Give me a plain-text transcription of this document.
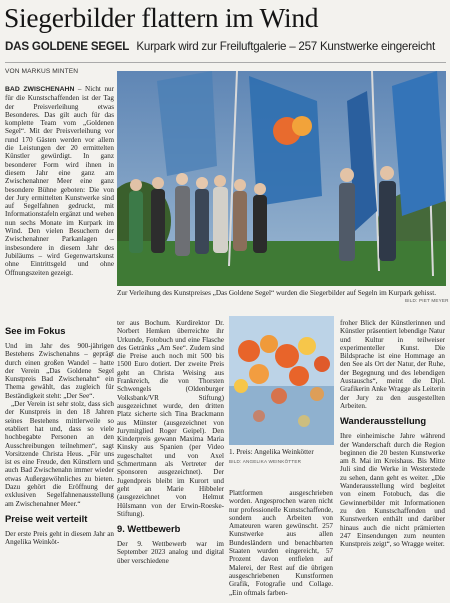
Siegerbilder flattern im Wind
DAS GOLDENE SEGEL Kurpark wird zur Freiluftgalerie – 257 Kunstwerke eingereicht
VON MARKUS MINTEN

BAD ZWISCHENAHN – Nicht nur für die Kunstschaffenden ist der Tag der Preisverleihung etwas Besonderes. Das gilt auch für das komplette Team vom „Goldenen Segel“. Mit der Preisverleihung vor rund 170 Gästen werden vor allem die Leistungen der 20 ermittelten Künstler gewürdigt. In ganz besonderer Form wird ihnen in diesem Jahr eine ganz am Zwischenahner Meer eine ganz besondere Bühne geboten: Die von der Jury ermittelten Kunstwerke sind auf Segelfahnen gedruckt, mit Informationstafeln ergänzt und wehen nun sechs Monate im Kurpark im Wind. Den vielen Besuchern der Zwischenahner Parkanlagen – insbesondere in diesem Jahr des Jubiläums – wird Gegenwartskunst ohne Eintrittsgeld und ohne Öffnungszeiten gezeigt.

Zur Verleihung des Kunstpreises „Das Goldene Segel“ wurden die Siegerbilder auf Segeln im Kurpark gehisst.
BILD: PIET MEYER
See im Fokus

Und im Jahr des 900-jährigen Bestehens Zwischenahns – geprägt durch einen großen Wandel – hatte der Verein „Das Goldene Segel Kunstpreis Bad Zwischenahn“ ein Thema gewählt, das zugleich für Beständigkeit steht: „Der See“.

„Der Verein ist sehr stolz, dass sich der Kunstpreis in den 18 Jahren seines Bestehens mittlerweile so etabliert hat und, dass so viele hochbegabte Personen an den Ausschreibungen teilnehmen“, sagt Vorsitzende Christa Heus. „Für uns ist es eine Freude, den Künstlern und auch Bad Zwischenahn immer wieder etwas Außergewöhnliches zu bieten. Dazu gehört die Eröffnung der exklusiven Segelfahnenausstellung am Zwischenahner Meer.“

Preise weit verteilt

Der erste Preis geht in diesem Jahr an Angelika Weinköt-

ter aus Bochum. Kurdirektor Dr. Norbert Hemken überreichte ihr Urkunde, Fotobuch und eine Flasche des Getränks „Am See“. Zudem sind die Preise auch noch mit 500 bis 1500 Euro dotiert. Der zweite Preis geht an Christa Weising aus Frankreich, die von Thorsten Schwengels (Oldenburger Volksbank/VR Stiftung) ausgezeichnet wurde, den dritten Platz sicherte sich Tina Brackmann aus Münster (ausgezeichnet von Jurymitglied Roger Geipel). Den Kinderpreis gewann Maxima Maria Kinsky aus Spanien (per Video zugeschaltet und von Axel Schmertmann als Vertreter der Sponsoren ausgezeichnet). Der Jugendpreis bleibt im Kurort und geht an Marie Hibbeler (ausgezeichnet von Helmut Hülsmann von der Erwin-Roeske-Stiftung).

9. Wettbewerb

Der 9. Wettbewerb war im September 2023 analog und digital über verschiedene

1. Preis: Angelika Weinkötter
BILD: ANGELIKA WEINKÖTTER

Plattformen ausgeschrieben worden. Angesprochen waren nicht nur professionelle Kunstschaffende, sondern auch Arbeiten von Amateuren waren gewünscht. 257 Kunstwerke aus allen Bundesländern und benachbarten Staaten wurden eingereicht, 57 Prozent davon entfielen auf Malerei, der Rest auf die übrigen ausgeschriebenen Kunstformen Grafik, Fotografie und Collage. „Ein oftmals farben-

froher Blick der Künstlerinnen und Künstler präsentiert lebendige Natur und Kultur in teilweiser experimenteller Kunst. Die Bildsprache ist eine Hommage an den See als Ort der Natur, der Ruhe, der Begegnung und des lebendigen Austauschs“, meint die Dipl. Grafikerin Anke Wragge als Leiterin der Jury zu den ausgestellten Arbeiten.

Wanderausstellung

Ihre einheimische Jahre während der Wanderschaft durch die Region beginnen die 20 besten Kunstwerke am 8. Mai im Kreishaus. Bis Mitte Juli sind die Werke in Westerstede zu sehen, dann geht es weiter. „Die Wanderausstellung wird begleitet von einem Fotobuch, das die Gewinnerbilder mit Informationen zu den Kunstschaffenden und Kunstwerken enthält und darüber hinaus auch die nicht prämierten 247 Einsendungen zum neunten Kunstpreis zeigt“, so Wragge weiter.
